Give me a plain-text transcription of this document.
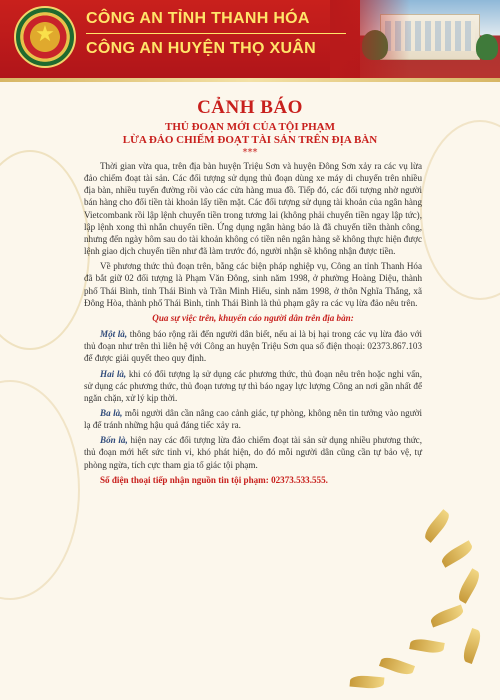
★
CÔNG AN TỈNH THANH HÓA
CÔNG AN HUYỆN THỌ XUÂN
CẢNH BÁO
THỦ ĐOẠN MỚI CỦA TỘI PHẠM
LỪA ĐẢO CHIẾM ĐOẠT TÀI SẢN TRÊN ĐỊA BÀN
***

Thời gian vừa qua, trên địa bàn huyện Triệu Sơn và huyện Đông Sơn xảy ra các vụ lừa đảo chiếm đoạt tài sản. Các đối tượng sử dụng thủ đoạn dùng xe máy di chuyển trên nhiều địa bàn, nhiều tuyến đường rồi vào các cửa hàng mua đồ. Tiếp đó, các đối tượng nhờ người bán hàng cho đổi tiền tài khoản lấy tiền mặt. Các đối tượng sử dụng tài khoản của ngân hàng Vietcombank rồi lập lệnh chuyển tiền trong tương lai (không phải chuyển tiền ngay lập tức), lập lệnh xong thì nhắn chuyển tiền. Ứng dụng ngân hàng báo là đã chuyển tiền thành công, nhưng đến ngày hôm sau do tài khoản không có tiền nên ngân hàng sẽ không thực hiện được lệnh giao dịch chuyển tiền như đã làm trước đó, người nhận sẽ không nhận được tiền.

Về phương thức thủ đoạn trên, bằng các biện pháp nghiệp vụ, Công an tỉnh Thanh Hóa đã bắt giữ 02 đối tượng là Phạm Văn Đông, sinh năm 1998, ở phường Hoàng Diệu, thành phố Thái Bình, tỉnh Thái Bình và Trần Minh Hiếu, sinh năm 1998, ở thôn Nghĩa Thắng, xã Đông Hòa, thành phố Thái Bình, tỉnh Thái Bình là thủ phạm gây ra các vụ lừa đảo nêu trên.

Qua sự việc trên, khuyến cáo người dân trên địa bàn:

Một là, thông báo rộng rãi đến người dân biết, nếu ai là bị hại trong các vụ lừa đảo với thủ đoạn như trên thì liên hệ với Công an huyện Triệu Sơn qua số điện thoại: 02373.867.103 để được giải quyết theo quy định.

Hai là, khi có đối tượng lạ sử dụng các phương thức, thủ đoạn nêu trên hoặc nghi vấn, sử dụng các phương thức, thủ đoạn tương tự thì báo ngay lực lượng Công an nơi gần nhất để ngăn chặn, xử lý kịp thời.

Ba là, mỗi người dân cần nâng cao cảnh giác, tự phòng, không nên tin tưởng vào người lạ để tránh những hậu quả đáng tiếc xảy ra.

Bốn là, hiện nay các đối tượng lừa đảo chiếm đoạt tài sản sử dụng nhiều phương thức, thủ đoạn mới hết sức tinh vi, khó phát hiện, do đó mỗi người dân cũng cần tự bảo vệ, tự phòng ngừa, tích cực tham gia tố giác tội phạm.

Số điện thoại tiếp nhận nguồn tin tội phạm: 02373.533.555.
